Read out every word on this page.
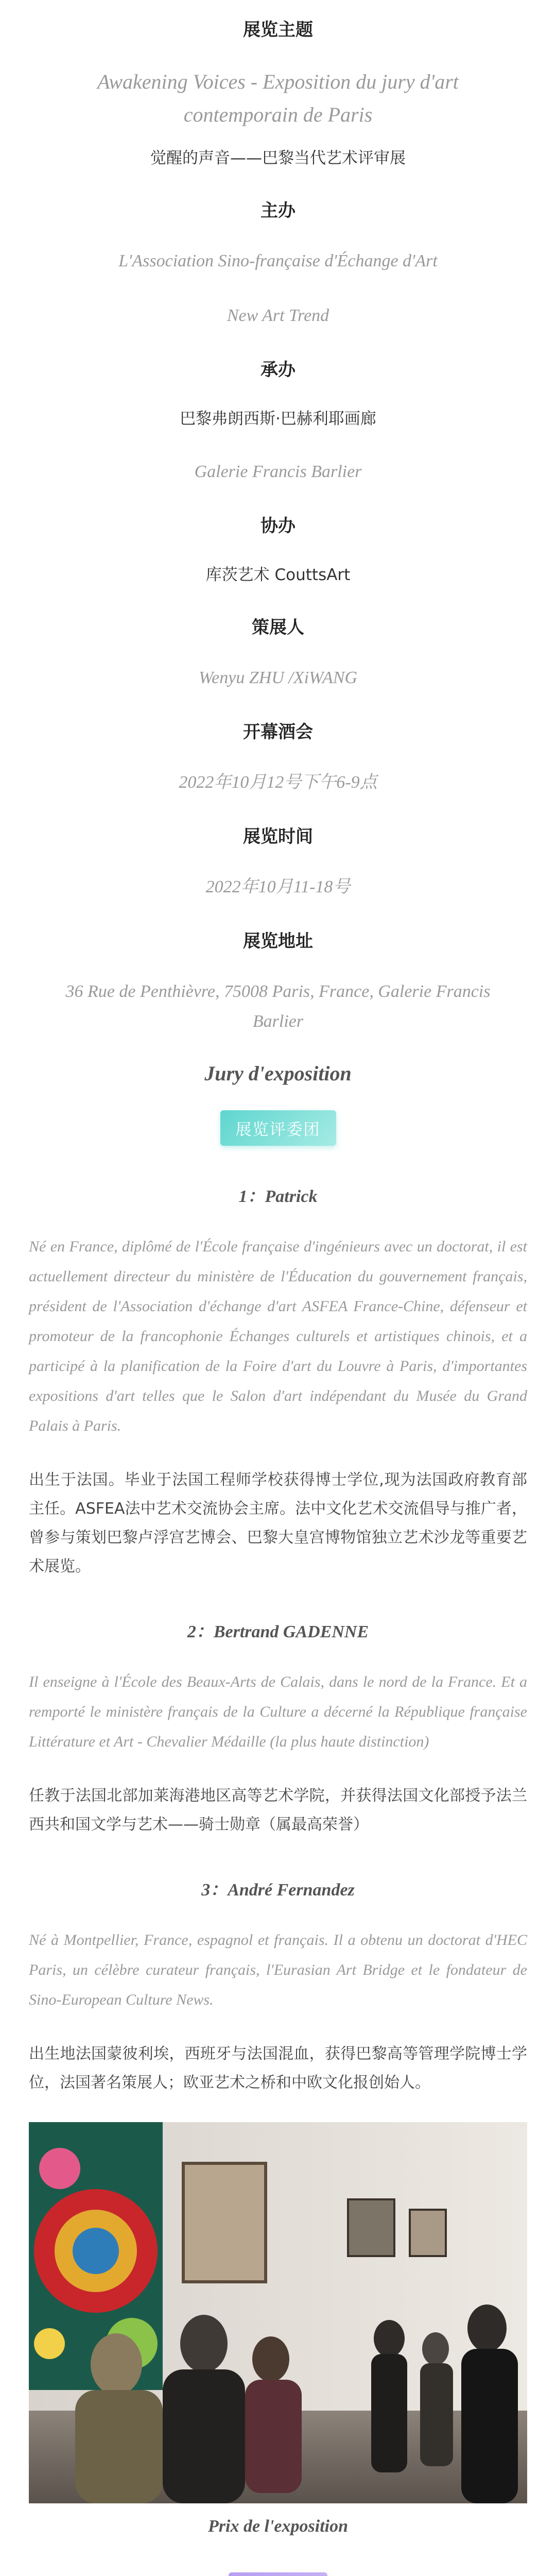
展览主题

Awakening Voices - Exposition du jury d'art contemporain de Paris

觉醒的声音——巴黎当代艺术评审展

主办

L'Association Sino-française d'Échange d'Art

New Art Trend

承办

巴黎弗朗西斯·巴赫利耶画廊

Galerie Francis Barlier

协办

库茨艺术 CouttsArt

策展人

Wenyu ZHU /XiWANG

开幕酒会

2022年10月12号下午6-9点

展览时间

2022年10月11-18号

展览地址

36 Rue de Penthièvre, 75008 Paris, France, Galerie Francis Barlier

Jury d'exposition

展览评委团

1：Patrick

Né en France, diplômé de l'École française d'ingénieurs avec un doctorat, il est actuellement directeur du ministère de l'Éducation du gouvernement français, président de l'Association d'échange d'art ASFEA France-Chine, défenseur et promoteur de la francophonie Échanges culturels et artistiques chinois, et a participé à la planification de la Foire d'art du Louvre à Paris, d'importantes expositions d'art telles que le Salon d'art indépendant du Musée du Grand Palais à Paris.

出生于法国。毕业于法国工程师学校获得博士学位,现为法国政府教育部主任。ASFEA法中艺术交流协会主席。法中文化艺术交流倡导与推广者，曾参与策划巴黎卢浮宫艺博会、巴黎大皇宫博物馆独立艺术沙龙等重要艺术展览。

2：Bertrand GADENNE

Il enseigne à l'École des Beaux-Arts de Calais, dans le nord de la France. Et a remporté le ministère français de la Culture a décerné la République française Littérature et Art - Chevalier Médaille (la plus haute distinction)

任教于法国北部加莱海港地区高等艺术学院，并获得法国文化部授予法兰西共和国文学与艺术——骑士勋章（属最高荣誉）

3：André Fernandez

Né à Montpellier, France, espagnol et français. Il a obtenu un doctorat d'HEC Paris, un célèbre curateur français, l'Eurasian Art Bridge et le fondateur de Sino-European Culture News.

出生地法国蒙彼利埃，西班牙与法国混血，获得巴黎高等管理学院博士学位，法国著名策展人；欧亚艺术之桥和中欧文化报创始人。

Prix de l'exposition
